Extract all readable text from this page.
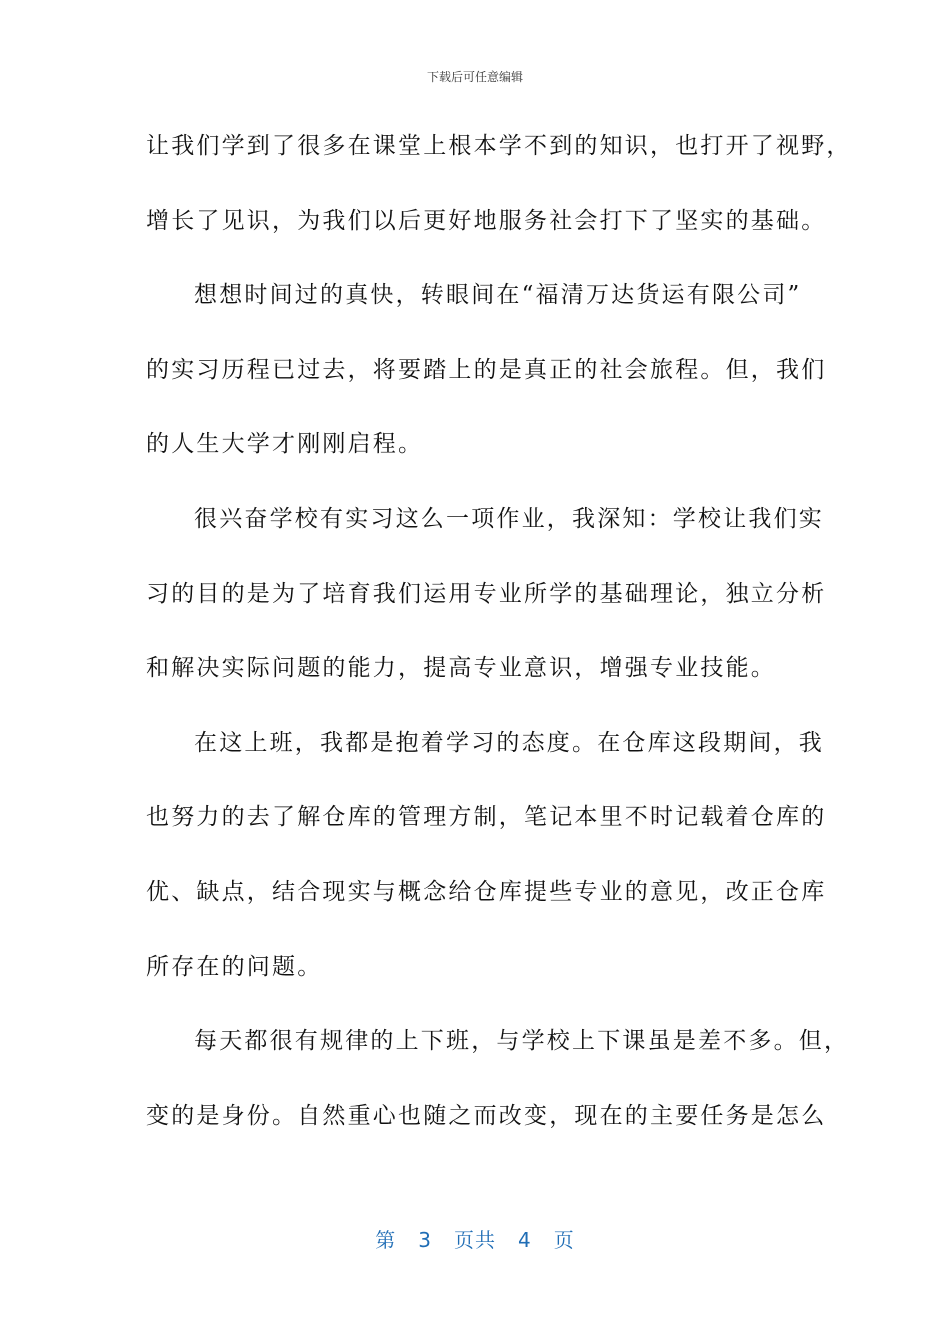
下载后可任意编辑
让我们学到了很多在课堂上根本学不到的知识，也打开了视野，
增长了见识，为我们以后更好地服务社会打下了坚实的基础。
想想时间过的真快，转眼间在“福清万达货运有限公司”
的实习历程已过去，将要踏上的是真正的社会旅程。但，我们
的人生大学才刚刚启程。
很兴奋学校有实习这么一项作业，我深知：学校让我们实
习的目的是为了培育我们运用专业所学的基础理论，独立分析
和解决实际问题的能力，提高专业意识，增强专业技能。
在这上班，我都是抱着学习的态度。在仓库这段期间，我
也努力的去了解仓库的管理方制，笔记本里不时记载着仓库的
优、缺点，结合现实与概念给仓库提些专业的意见，改正仓库
所存在的问题。
每天都很有规律的上下班，与学校上下课虽是差不多。但，
变的是身份。自然重心也随之而改变，现在的主要任务是怎么
第 3 页共 4 页
